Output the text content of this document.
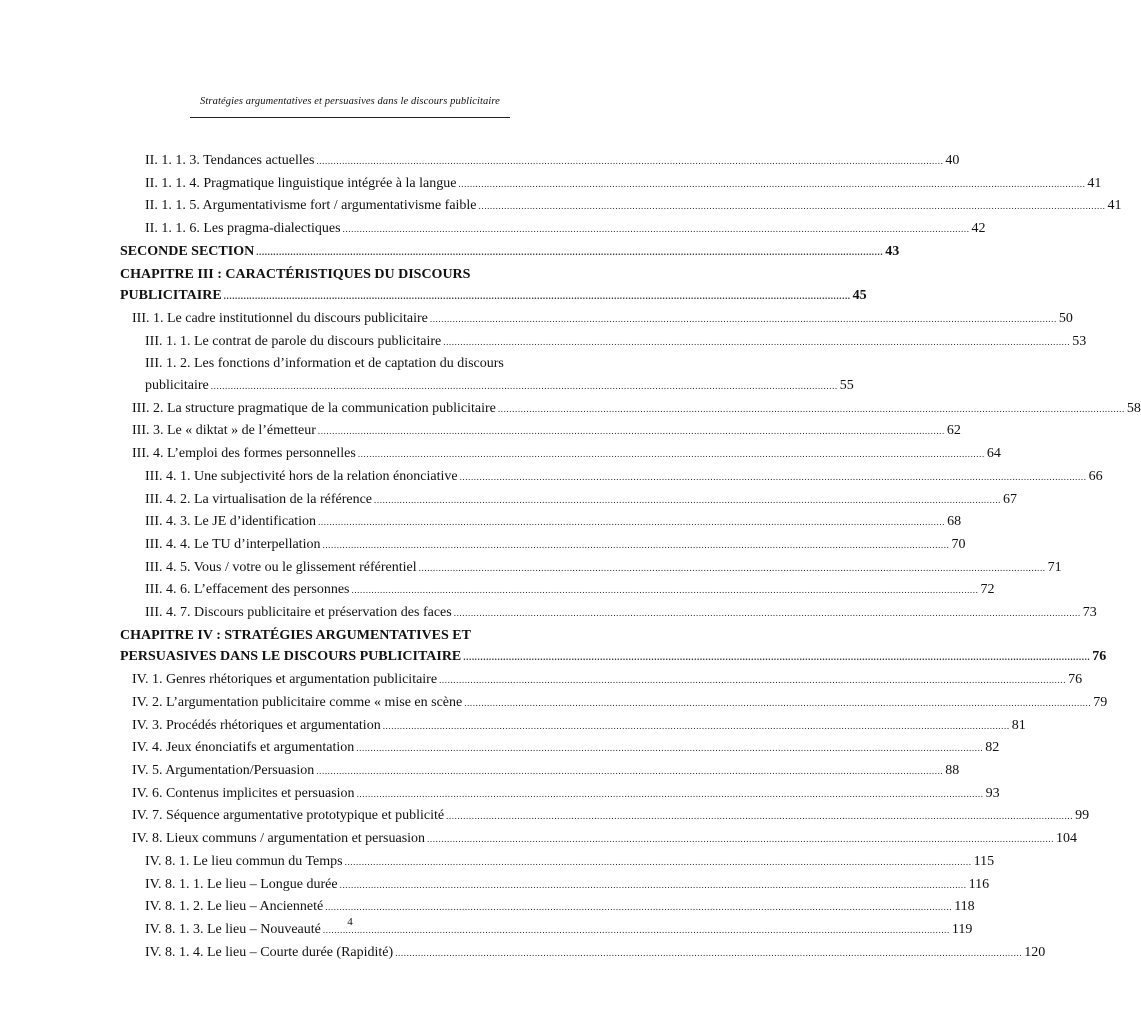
Stratégies argumentatives et persuasives dans le discours publicitaire
II. 1. 1. 3. Tendances actuelles ............................................................................................................................................................................................................................ 40
II. 1. 1. 4. Pragmatique linguistique intégrée à la langue ............................................................................................................................................................................................................................ 41
II. 1. 1. 5. Argumentativisme fort / argumentativisme faible ............................................................................................................................................................................................................................ 41
II. 1. 1. 6. Les pragma-dialectiques ............................................................................................................................................................................................................................ 42
SECONDE SECTION ............................................................................................................................................................................................................................ 43
CHAPITRE III : CARACTÉRISTIQUES DU DISCOURS
PUBLICITAIRE ............................................................................................................................................................................................................................ 45
III. 1. Le cadre institutionnel du discours publicitaire ............................................................................................................................................................................................................................ 50
III. 1. 1. Le contrat de parole du discours publicitaire ............................................................................................................................................................................................................................ 53
III. 1. 2. Les fonctions d’information et de captation du discours
publicitaire ............................................................................................................................................................................................................................ 55
III. 2. La structure pragmatique de la communication publicitaire ............................................................................................................................................................................................................................ 58
III. 3. Le « diktat » de l’émetteur ............................................................................................................................................................................................................................ 62
III. 4. L’emploi des formes personnelles ............................................................................................................................................................................................................................ 64
III. 4. 1. Une subjectivité hors de la relation énonciative ............................................................................................................................................................................................................................ 66
III. 4. 2. La virtualisation de la référence ............................................................................................................................................................................................................................ 67
III. 4. 3. Le JE d’identification ............................................................................................................................................................................................................................ 68
III. 4. 4. Le TU d’interpellation ............................................................................................................................................................................................................................ 70
III. 4. 5. Vous / votre ou le glissement référentiel ............................................................................................................................................................................................................................ 71
III. 4. 6. L’effacement des personnes ............................................................................................................................................................................................................................ 72
III. 4. 7. Discours publicitaire et préservation des faces ............................................................................................................................................................................................................................ 73
CHAPITRE IV : STRATÉGIES ARGUMENTATIVES ET
PERSUASIVES DANS LE DISCOURS PUBLICITAIRE ............................................................................................................................................................................................................................ 76
IV. 1. Genres rhétoriques et argumentation publicitaire ............................................................................................................................................................................................................................ 76
IV. 2. L’argumentation publicitaire comme « mise en scène ............................................................................................................................................................................................................................ 79
IV. 3. Procédés rhétoriques et argumentation ............................................................................................................................................................................................................................ 81
IV. 4. Jeux énonciatifs et argumentation ............................................................................................................................................................................................................................ 82
IV. 5. Argumentation/Persuasion ............................................................................................................................................................................................................................ 88
IV. 6. Contenus implicites et persuasion ............................................................................................................................................................................................................................ 93
IV. 7. Séquence argumentative prototypique et publicité ............................................................................................................................................................................................................................ 99
IV. 8. Lieux communs / argumentation et persuasion ............................................................................................................................................................................................................................ 104
IV. 8. 1. Le lieu commun du Temps ............................................................................................................................................................................................................................ 115
IV. 8. 1. 1. Le lieu – Longue durée ............................................................................................................................................................................................................................ 116
IV. 8. 1. 2. Le lieu – Ancienneté ............................................................................................................................................................................................................................ 118
IV. 8. 1. 3. Le lieu – Nouveauté ............................................................................................................................................................................................................................ 119
IV. 8. 1. 4. Le lieu – Courte durée (Rapidité) ............................................................................................................................................................................................................................ 120
4
